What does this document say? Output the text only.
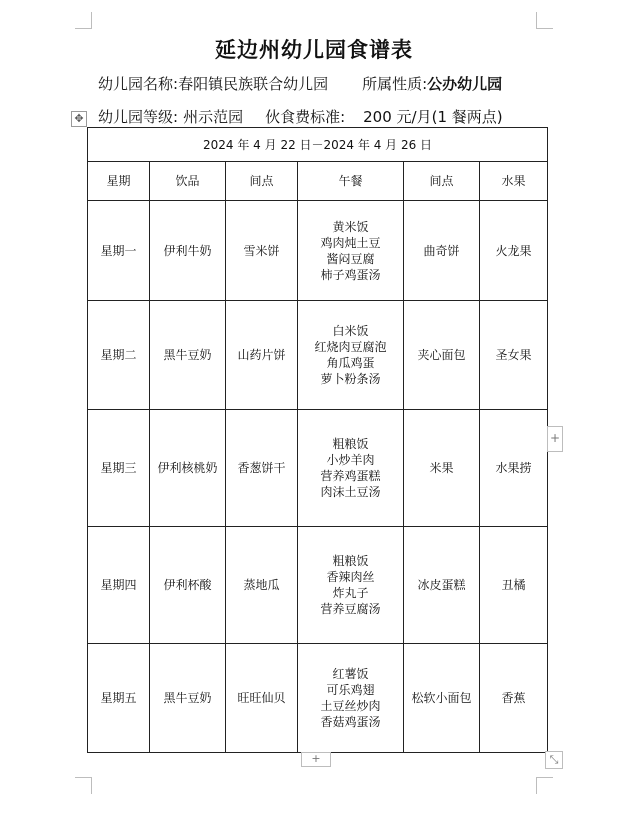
延边州幼儿园食谱表
幼儿园名称:春阳镇民族联合幼儿园 所属性质:公办幼儿园
幼儿园等级: 州示范园 伙食费标准: 200 元/月(1 餐两点)
✥
2024 年 4 月 22 日－2024 年 4 月 26 日					
星期	饮品	间点	午餐	间点	水果
星期一	伊利牛奶	雪米饼	黄米饭
鸡肉炖土豆
酱闷豆腐
柿子鸡蛋汤	曲奇饼	火龙果
星期二	黑牛豆奶	山药片饼	白米饭
红烧肉豆腐泡
角瓜鸡蛋
萝卜粉条汤	夹心面包	圣女果
星期三	伊利核桃奶	香葱饼干	粗粮饭
小炒羊肉
营养鸡蛋糕
肉沫土豆汤	米果	水果捞
星期四	伊利杯酸	蒸地瓜	粗粮饭
香辣肉丝
炸丸子
营养豆腐汤	冰皮蛋糕	丑橘
星期五	黑牛豆奶	旺旺仙贝	红薯饭
可乐鸡翅
土豆丝炒肉
香菇鸡蛋汤	松软小面包	香蕉
+
+	⤡
